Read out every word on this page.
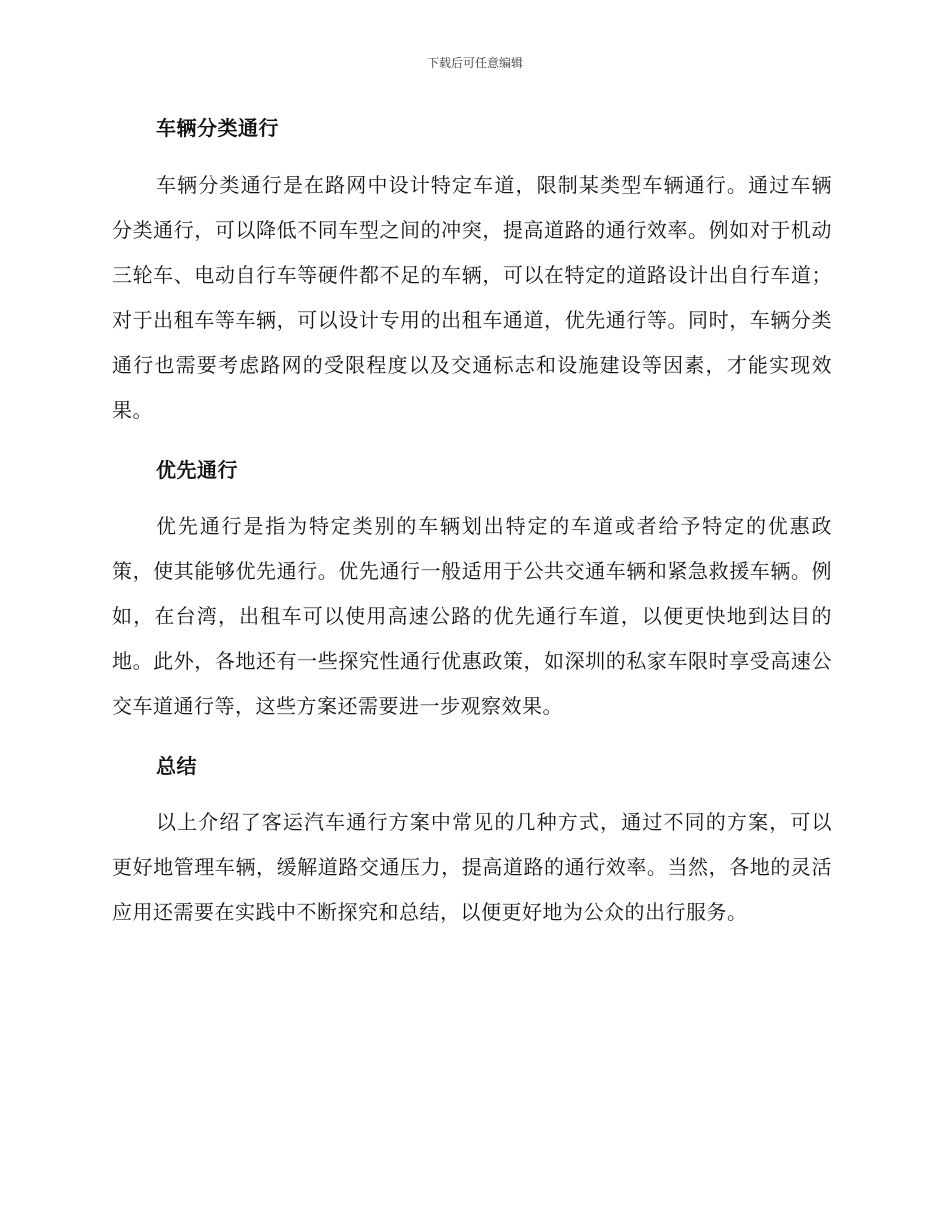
下载后可任意编辑
车辆分类通行

车辆分类通行是在路网中设计特定车道，限制某类型车辆通行。通过车辆分类通行，可以降低不同车型之间的冲突，提高道路的通行效率。例如对于机动三轮车、电动自行车等硬件都不足的车辆，可以在特定的道路设计出自行车道；对于出租车等车辆，可以设计专用的出租车通道，优先通行等。同时，车辆分类通行也需要考虑路网的受限程度以及交通标志和设施建设等因素，才能实现效果。

优先通行

优先通行是指为特定类别的车辆划出特定的车道或者给予特定的优惠政策，使其能够优先通行。优先通行一般适用于公共交通车辆和紧急救援车辆。例如，在台湾，出租车可以使用高速公路的优先通行车道，以便更快地到达目的地。此外，各地还有一些探究性通行优惠政策，如深圳的私家车限时享受高速公交车道通行等，这些方案还需要进一步观察效果。

总结

以上介绍了客运汽车通行方案中常见的几种方式，通过不同的方案，可以更好地管理车辆，缓解道路交通压力，提高道路的通行效率。当然，各地的灵活应用还需要在实践中不断探究和总结，以便更好地为公众的出行服务。
